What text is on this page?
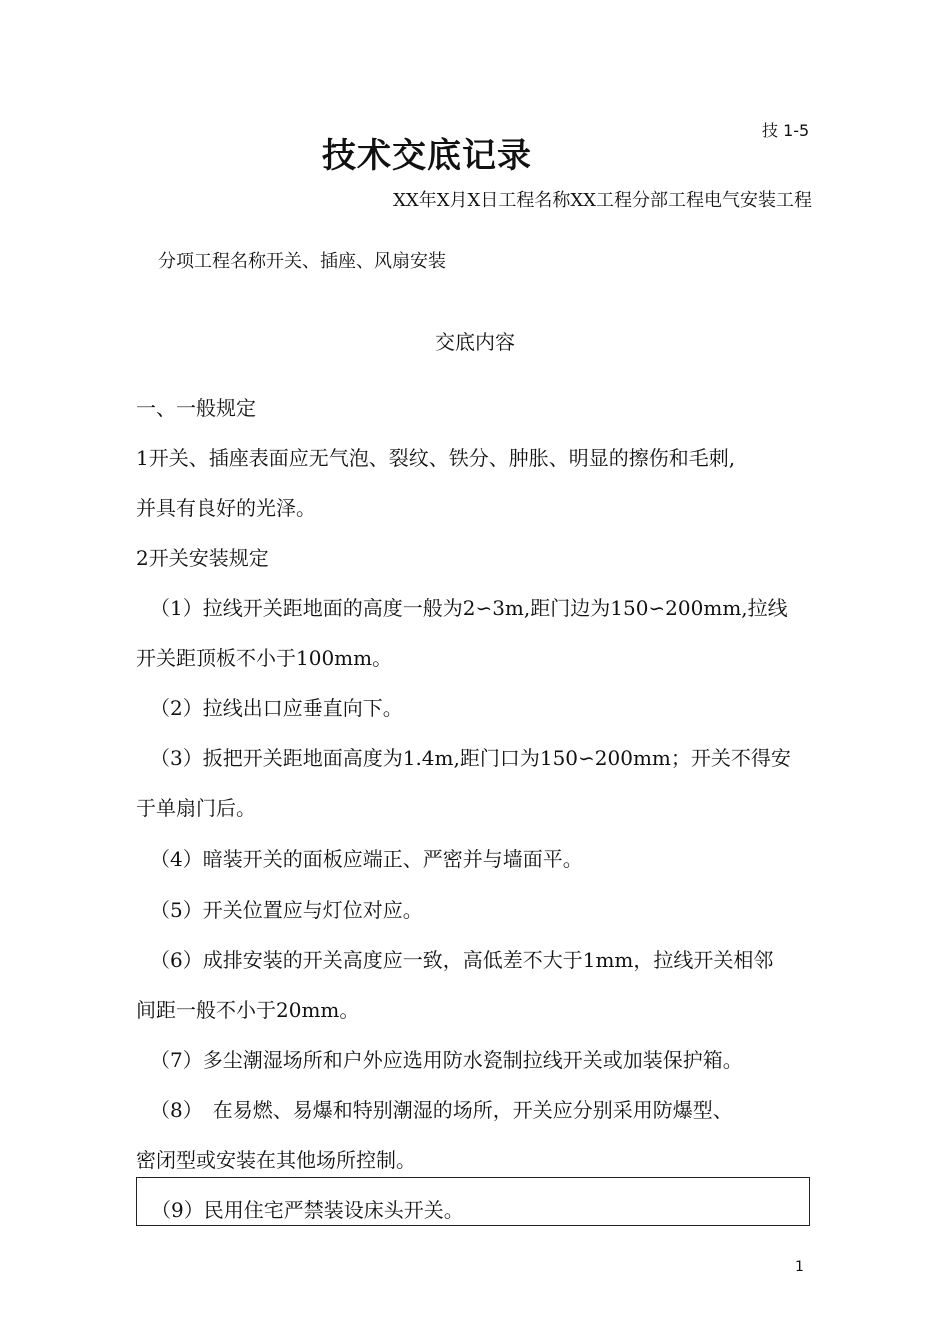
技 1-5
技术交底记录
XX年X月X日工程名称XX工程分部工程电气安装工程
分项工程名称开关、插座、风扇安装
交底内容
一、一般规定
1开关、插座表面应无气泡、裂纹、铁分、肿胀、明显的擦伤和毛刺,
并具有良好的光泽。
2开关安装规定
（1）拉线开关距地面的高度一般为2∽3m,距门边为150∽200mm,拉线
开关距顶板不小于100mm。
（2）拉线出口应垂直向下。
（3）扳把开关距地面高度为1.4m,距门口为150∽200mm；开关不得安
于单扇门后。
（4）暗装开关的面板应端正、严密并与墙面平。
（5）开关位置应与灯位对应。
（6）成排安装的开关高度应一致，高低差不大于1mm，拉线开关相邻
间距一般不小于20mm。
（7）多尘潮湿场所和户外应选用防水瓷制拉线开关或加装保护箱。
（8）　在易燃、易爆和特别潮湿的场所，开关应分别采用防爆型、
密闭型或安装在其他场所控制。
（9）民用住宅严禁装设床头开关。
1
